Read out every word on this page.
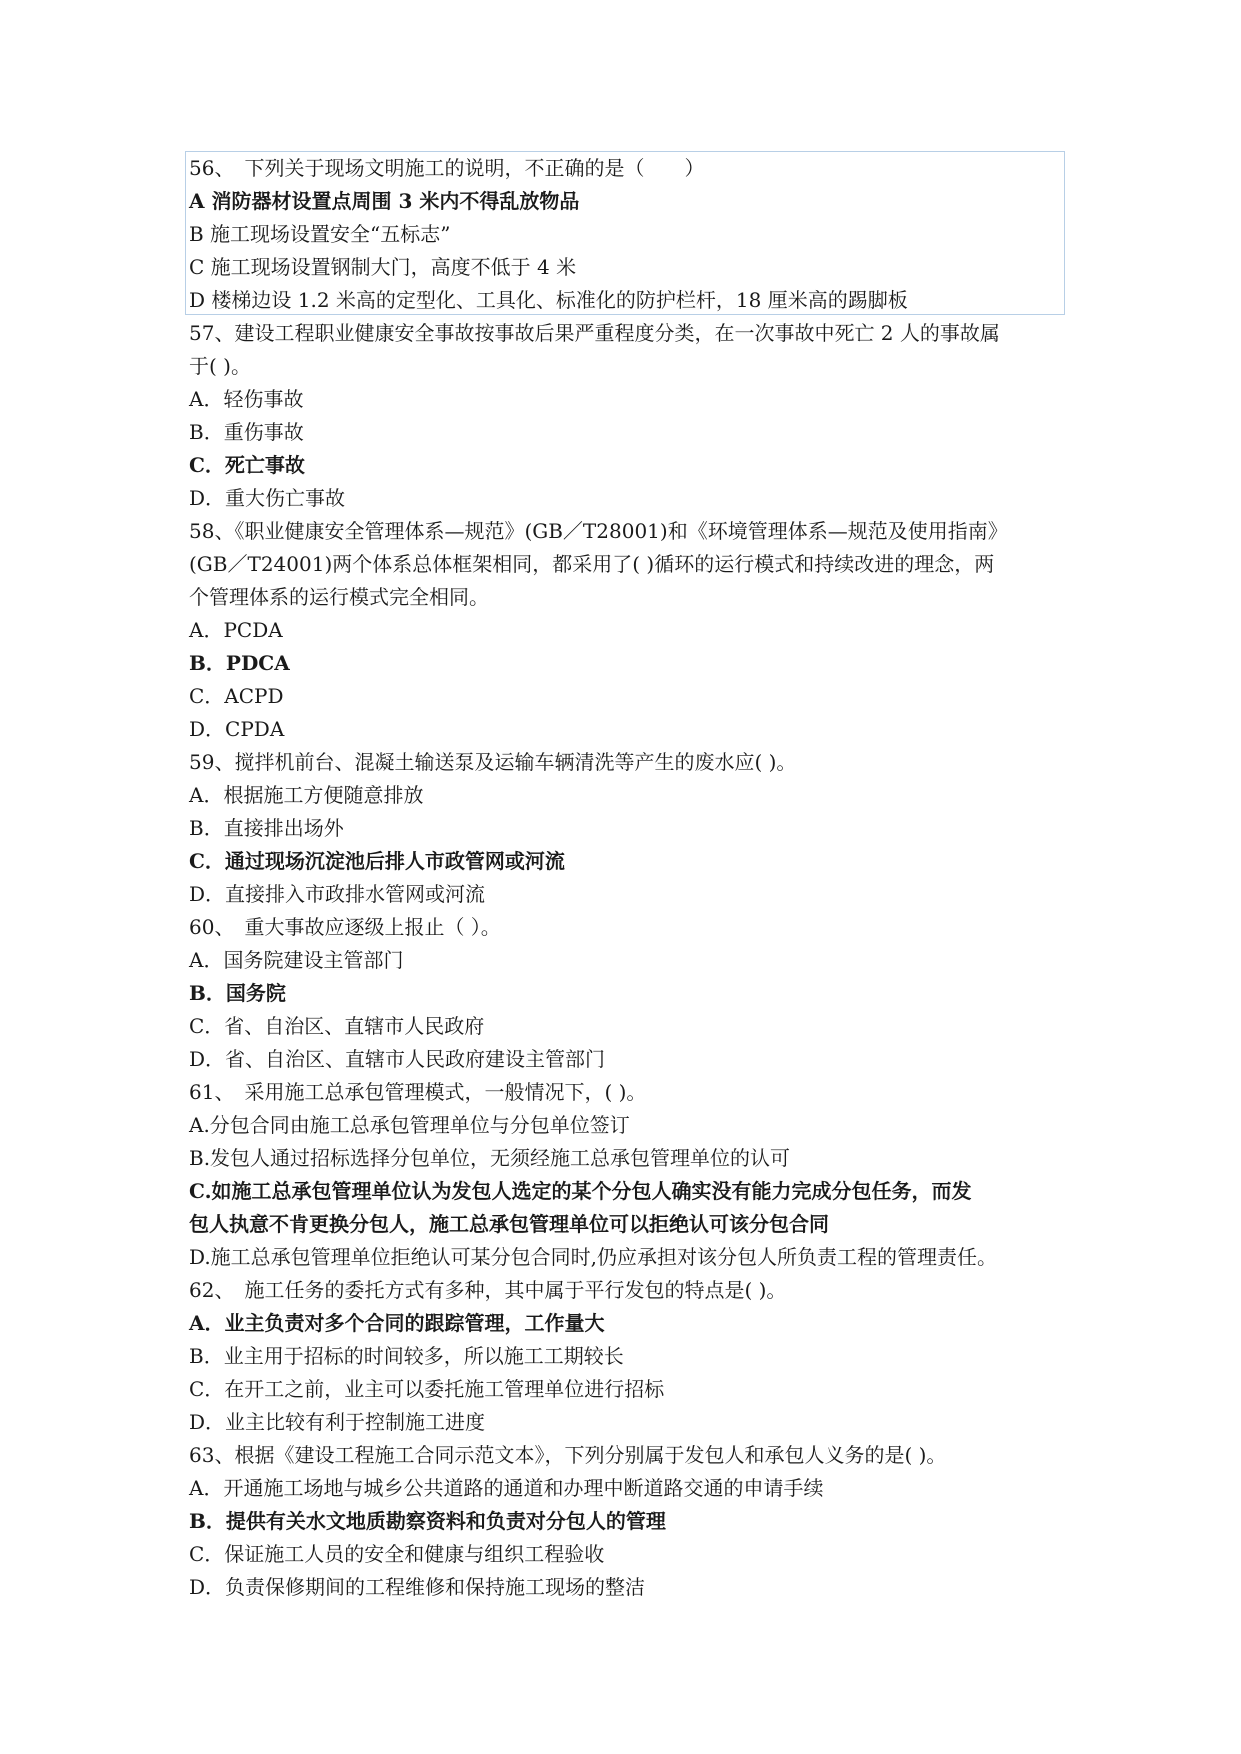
56、　下列关于现场文明施工的说明，不正确的是（　　）
A 消防器材设置点周围 3 米内不得乱放物品
B 施工现场设置安全“五标志”
C 施工现场设置钢制大门，高度不低于 4 米
D 楼梯边设 1.2 米高的定型化、工具化、标准化的防护栏杆，18 厘米高的踢脚板
57、建设工程职业健康安全事故按事故后果严重程度分类，在一次事故中死亡 2 人的事故属
于( )。
A．轻伤事故
B．重伤事故
C．死亡事故
D．重大伤亡事故
58、《职业健康安全管理体系—规范》(GB／T28001)和《环境管理体系—规范及使用指南》
(GB／T24001)两个体系总体框架相同，都采用了( )循环的运行模式和持续改进的理念，两
个管理体系的运行模式完全相同。
A．PCDA
B．PDCA
C．ACPD
D．CPDA
59、搅拌机前台、混凝土输送泵及运输车辆清洗等产生的废水应( )。
A．根据施工方便随意排放
B．直接排出场外
C．通过现场沉淀池后排人市政管网或河流
D．直接排入市政排水管网或河流
60、　重大事故应逐级上报止（ ）。
A．国务院建设主管部门
B．国务院
C．省、自治区、直辖市人民政府
D．省、自治区、直辖市人民政府建设主管部门
61、　采用施工总承包管理模式，一般情况下，( )。
A.分包合同由施工总承包管理单位与分包单位签订
B.发包人通过招标选择分包单位，无须经施工总承包管理单位的认可
C.如施工总承包管理单位认为发包人选定的某个分包人确实没有能力完成分包任务，而发
包人执意不肯更换分包人，施工总承包管理单位可以拒绝认可该分包合同
D.施工总承包管理单位拒绝认可某分包合同时,仍应承担对该分包人所负责工程的管理责任。
62、　施工任务的委托方式有多种，其中属于平行发包的特点是( )。
A．业主负责对多个合同的跟踪管理，工作量大
B．业主用于招标的时间较多，所以施工工期较长
C．在开工之前，业主可以委托施工管理单位进行招标
D．业主比较有利于控制施工进度
63、根据《建设工程施工合同示范文本》，下列分别属于发包人和承包人义务的是( )。
A．开通施工场地与城乡公共道路的通道和办理中断道路交通的申请手续
B．提供有关水文地质勘察资料和负责对分包人的管理
C．保证施工人员的安全和健康与组织工程验收
D．负责保修期间的工程维修和保持施工现场的整洁
